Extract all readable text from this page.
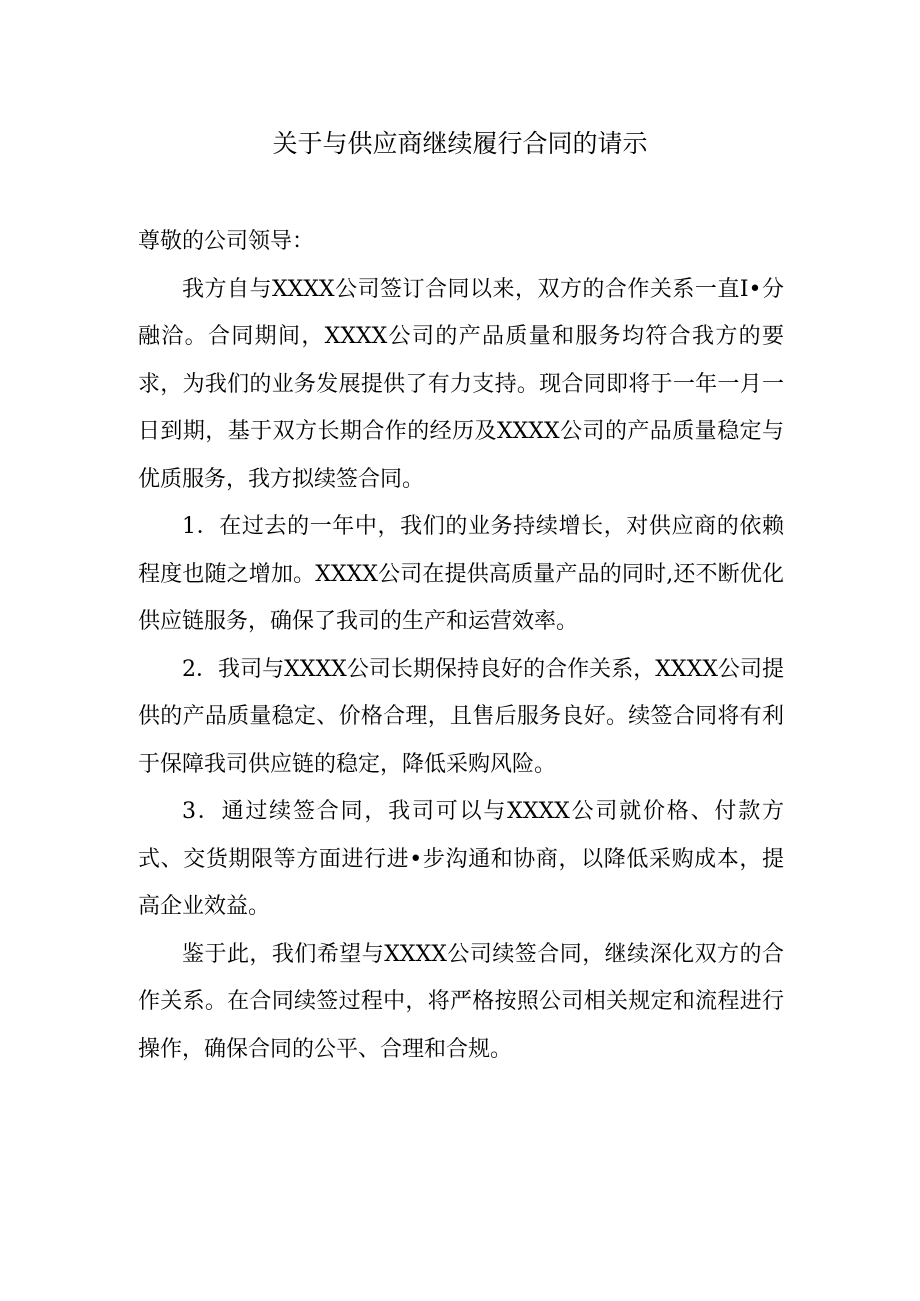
关于与供应商继续履行合同的请示

尊敬的公司领导：

我方自与XXXX公司签订合同以来，双方的合作关系一直I•分融洽。合同期间，XXXX公司的产品质量和服务均符合我方的要求，为我们的业务发展提供了有力支持。现合同即将于一年一月一日到期，基于双方长期合作的经历及XXXX公司的产品质量稳定与优质服务，我方拟续签合同。

1．在过去的一年中，我们的业务持续增长，对供应商的依赖程度也随之增加。XXXX公司在提供高质量产品的同时,还不断优化供应链服务，确保了我司的生产和运营效率。

2．我司与XXXX公司长期保持良好的合作关系，XXXX公司提供的产品质量稳定、价格合理，且售后服务良好。续签合同将有利于保障我司供应链的稳定，降低采购风险。

3．通过续签合同，我司可以与XXXX公司就价格、付款方式、交货期限等方面进行进•步沟通和协商，以降低采购成本，提高企业效益。

鉴于此，我们希望与XXXX公司续签合同，继续深化双方的合作关系。在合同续签过程中，将严格按照公司相关规定和流程进行操作，确保合同的公平、合理和合规。
